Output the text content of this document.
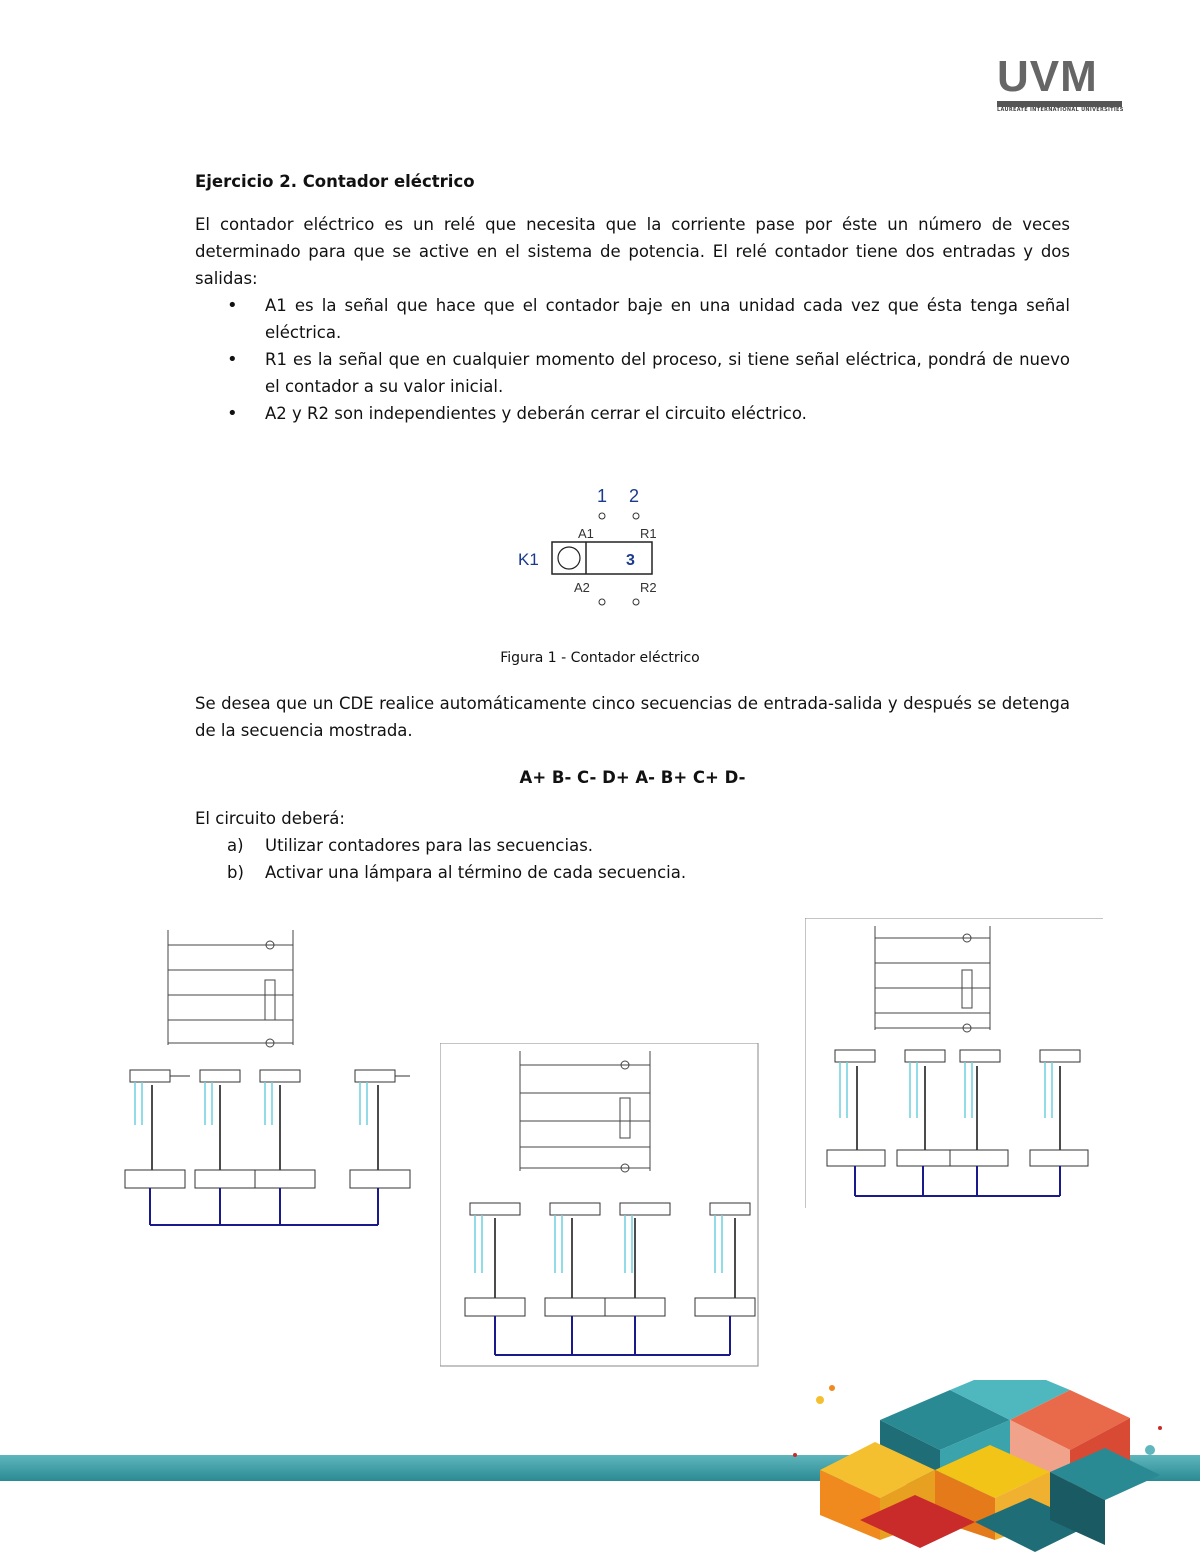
UVM
LAUREATE INTERNATIONAL UNIVERSITIES

Ejercicio 2. Contador eléctrico

El contador eléctrico es un relé que necesita que la corriente pase por éste un número de veces determinado para que se active en el sistema de potencia. El relé contador tiene dos entradas y dos salidas:

• A1 es la señal que hace que el contador baje en una unidad cada vez que ésta tenga señal eléctrica.
• R1 es la señal que en cualquier momento del proceso, si tiene señal eléctrica, pondrá de nuevo el contador a su valor inicial.
• A2 y R2 son independientes y deberán cerrar el circuito eléctrico.
1 2
A1	R1
K1	3
A2	R2
Figura 1 - Contador eléctrico

Se desea que un CDE realice automáticamente cinco secuencias de entrada-salida y después se detenga de la secuencia mostrada.

A+ B- C- D+ A- B+ C+ D-

El circuito deberá:

a) Utilizar contadores para las secuencias.
b) Activar una lámpara al término de cada secuencia.
